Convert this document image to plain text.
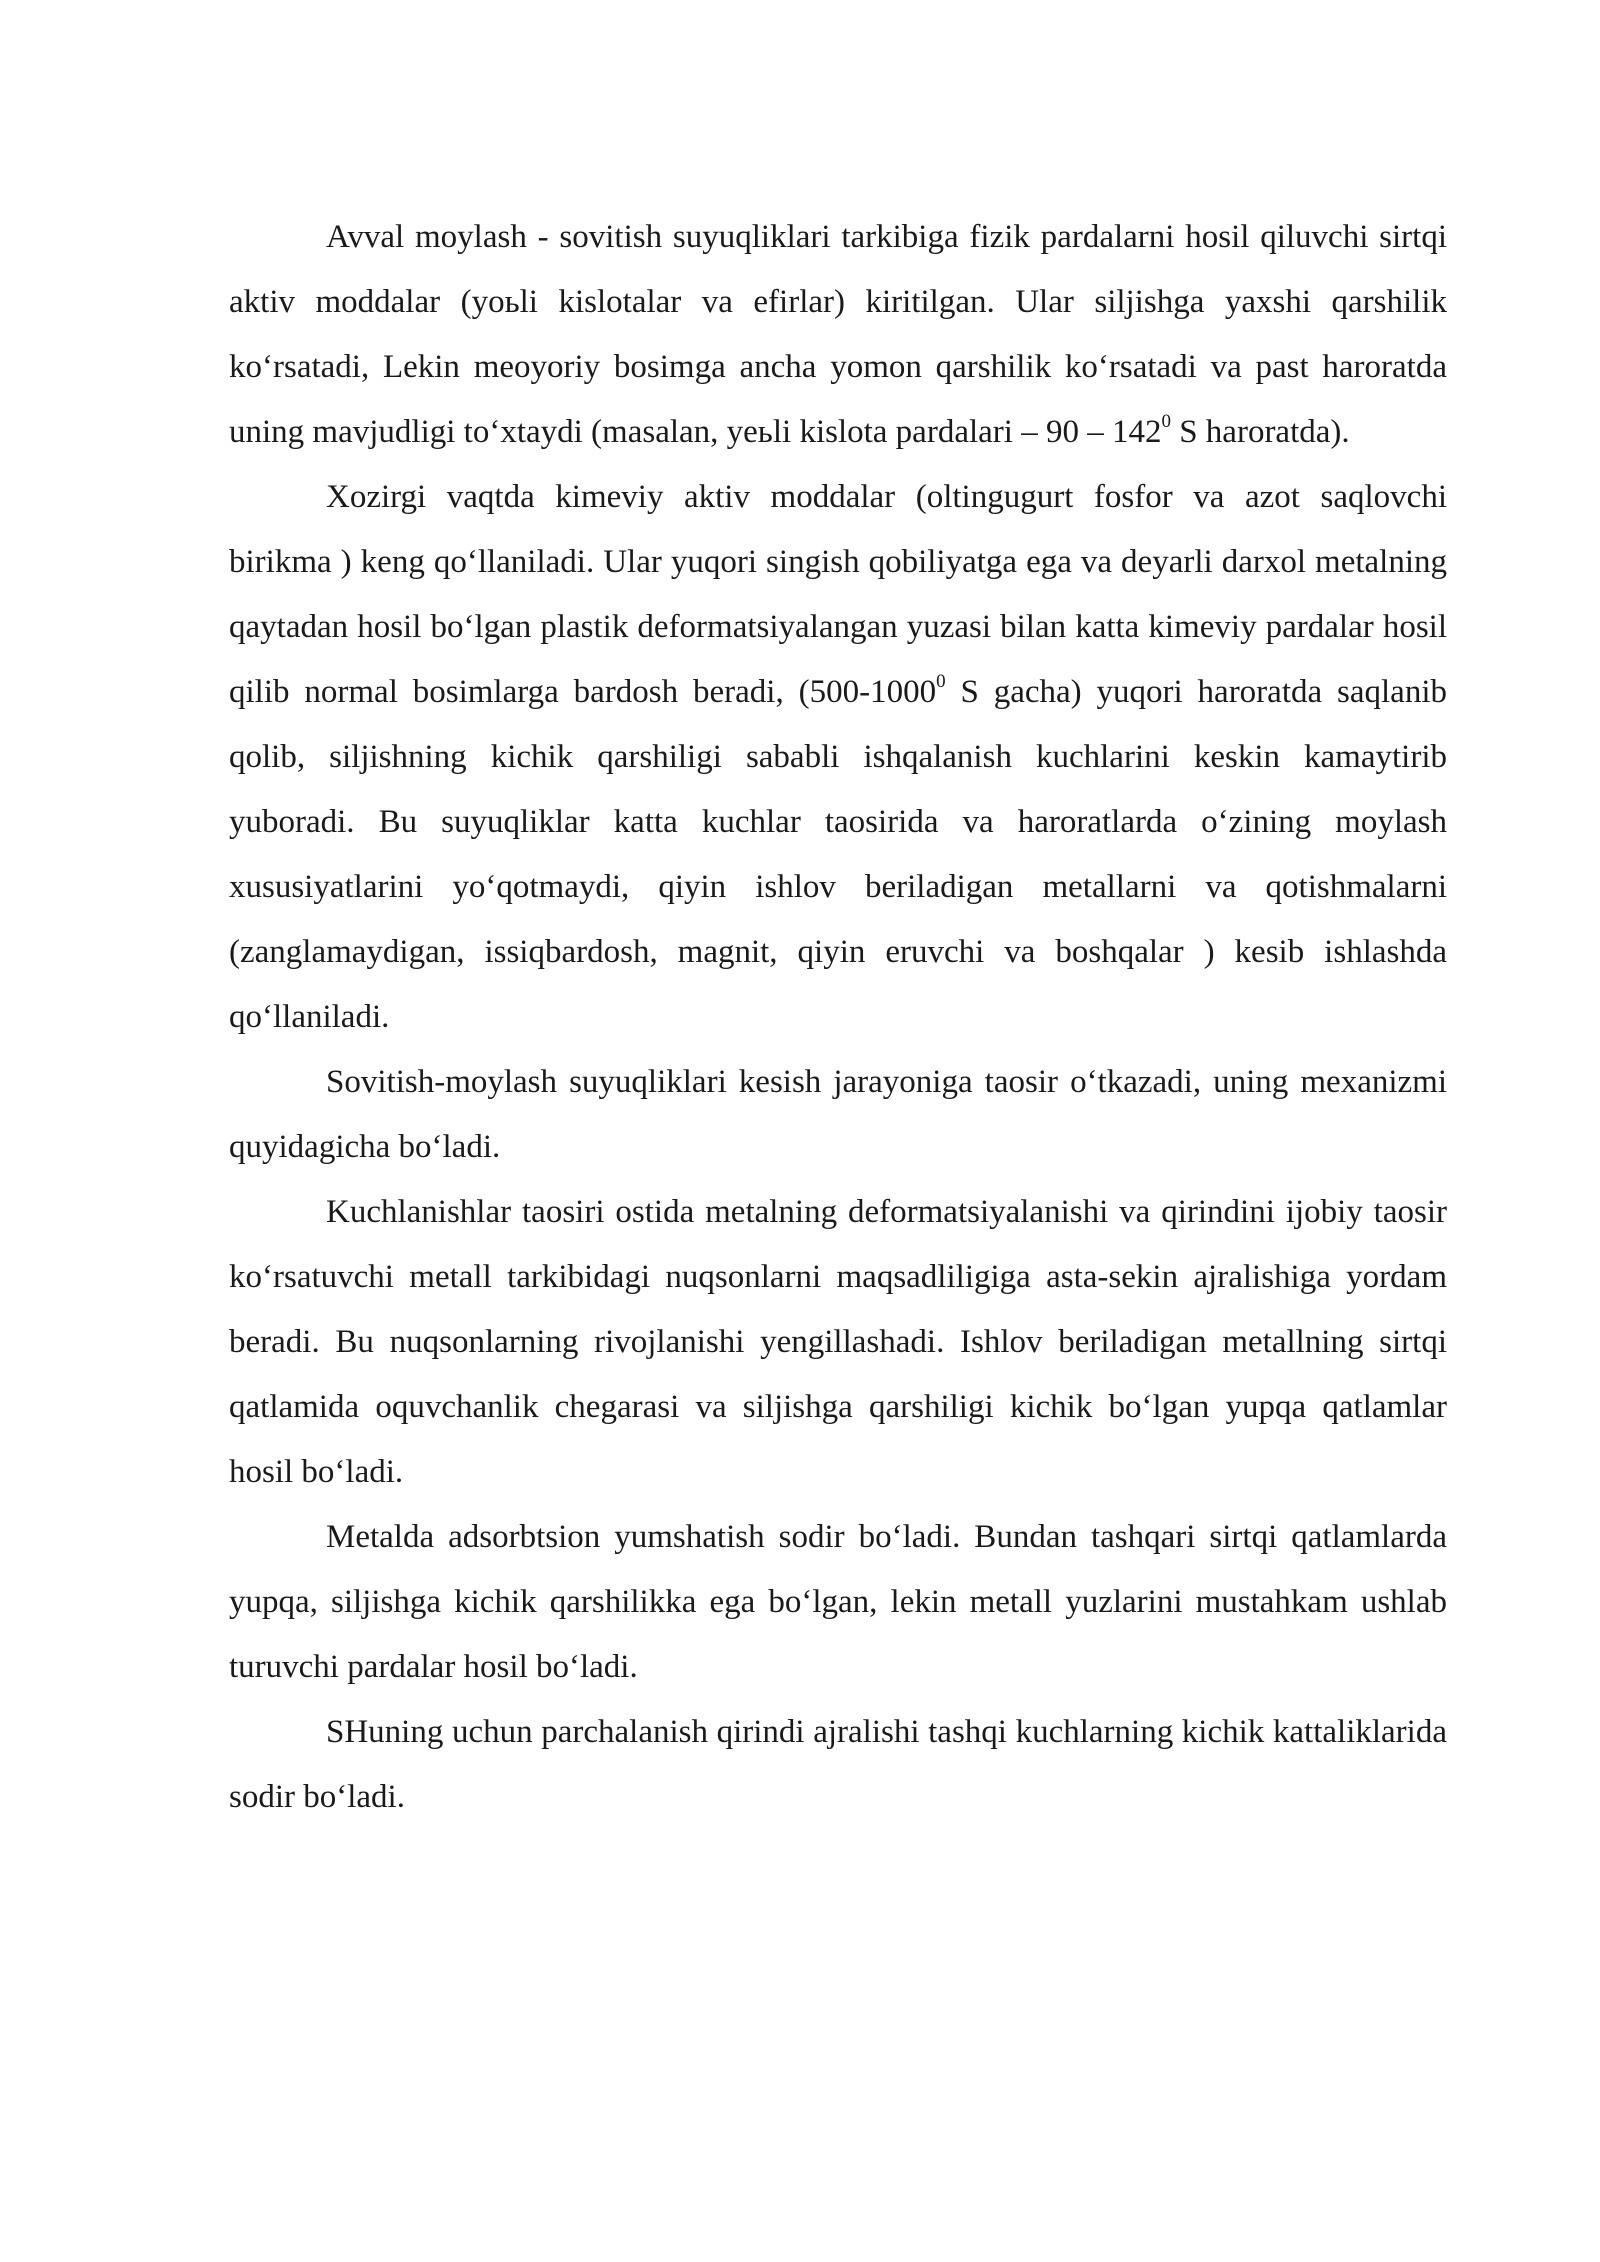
Avval moylash - sovitish suyuqliklari tarkibiga fizik pardalarni hosil qiluvchi sirtqi aktiv moddalar (yoьli kislotalar va efirlar) kiritilgan. Ular siljishga yaxshi qarshilik ko‘rsatadi, Lekin meoyoriy bosimga ancha yomon qarshilik ko‘rsatadi va past haroratda uning mavjudligi to‘xtaydi (masalan, yeьli kislota pardalari – $90 - 142^0$ S haroratda).

Xozirgi vaqtda kimeviy aktiv moddalar (oltingugurt fosfor va azot saqlovchi birikma ) keng qo‘llaniladi. Ular yuqori singish qobiliyatga ega va deyarli darxol metalning qaytadan hosil bo‘lgan plastik deformatsiyalangan yuzasi bilan katta kimeviy pardalar hosil qilib normal bosimlarga bardosh beradi, (500-1000$^0$ S gacha) yuqori haroratda saqlanib qolib, siljishning kichik qarshiligi sababli ishqalanish kuchlarini keskin kamaytirib yuboradi. Bu suyuqliklar katta kuchlar taosirida va haroratlarda o‘zining moylash xususiyatlarini yo‘qotmaydi, qiyin ishlov beriladigan metallarni va qotishmalarni (zanglamaydigan, issiqbardosh, magnit, qiyin eruvchi va boshqalar ) kesib ishlashda qo‘llaniladi.

Sovitish-moylash suyuqliklari kesish jarayoniga taosir o‘tkazadi, uning mexanizmi quyidagicha bo‘ladi.

Kuchlanishlar taosiri ostida metalning deformatsiyalanishi va qirindini ijobiy taosir ko‘rsatuvchi metall tarkibidagi nuqsonlarni maqsadliligiga asta-sekin ajralishiga yordam beradi. Bu nuqsonlarning rivojlanishi yengillashadi. Ishlov beriladigan metallning sirtqi qatlamida oquvchanlik chegarasi va siljishga qarshiligi kichik bo‘lgan yupqa qatlamlar hosil bo‘ladi.

Metalda adsorbtsion yumshatish sodir bo‘ladi. Bundan tashqari sirtqi qatlamlarda yupqa, siljishga kichik qarshilikka ega bo‘lgan, lekin metall yuzlarini mustahkam ushlab turuvchi pardalar hosil bo‘ladi.

SHuning uchun parchalanish qirindi ajralishi tashqi kuchlarning kichik kattaliklarida sodir bo‘ladi.
